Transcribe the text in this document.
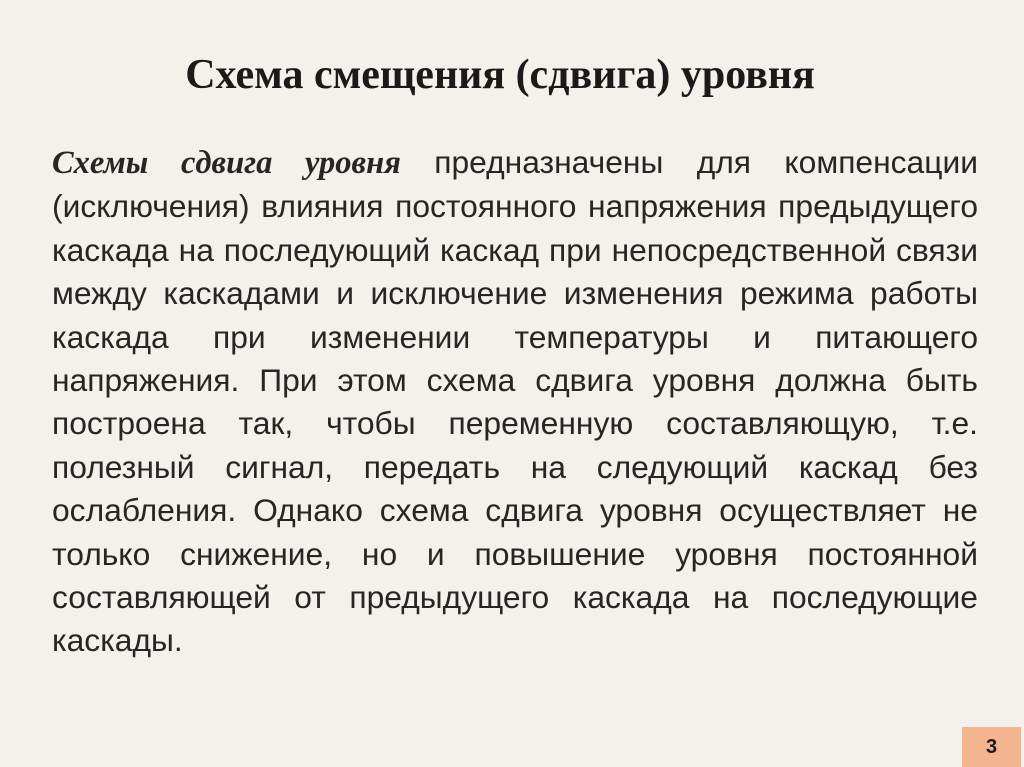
Схема смещения (сдвига) уровня

Схемы сдвига уровня предназначены для компенсации (исключения) влияния постоянного напряжения предыдущего каскада на последующий каскад при непосредственной связи между каскадами и исключение изменения режима работы каскада при изменении температуры и питающего напряжения. При этом схема сдвига уровня должна быть построена так, чтобы переменную составляющую, т.е. полезный сигнал, передать на следующий каскад без ослабления. Однако схема сдвига уровня осуществляет не только снижение, но и повышение уровня постоянной составляющей от предыдущего каскада на последующие каскады.

3
